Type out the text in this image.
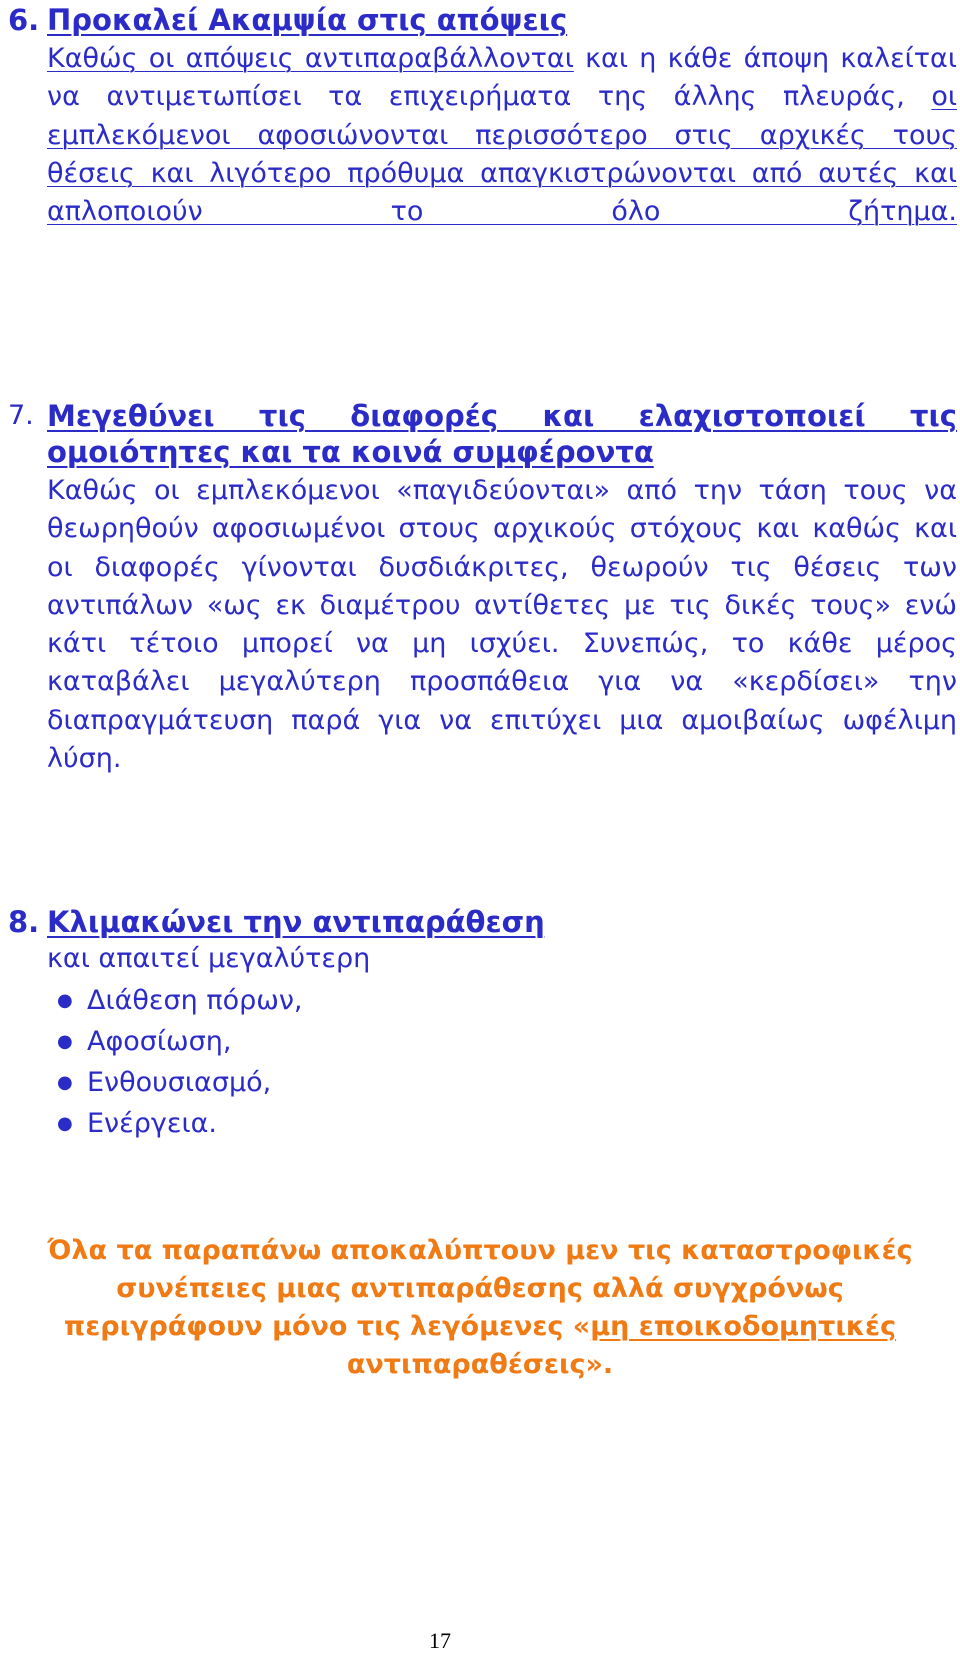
6. Προκαλεί Ακαμψία στις απόψεις
Καθώς οι απόψεις αντιπαραβάλλονται και η κάθε άποψη καλείται να αντιμετωπίσει τα επιχειρήματα της άλλης πλευράς, οι εμπλεκόμενοι αφοσιώνονται περισσότερο στις αρχικές τους θέσεις και λιγότερο πρόθυμα απαγκιστρώνονται από αυτές και απλοποιούν το όλο ζήτημα.
7. Μεγεθύνει τις διαφορές και ελαχιστοποιεί τις ομοιότητες και τα κοινά συμφέροντα
Καθώς οι εμπλεκόμενοι «παγιδεύονται» από την τάση τους να θεωρηθούν αφοσιωμένοι στους αρχικούς στόχους και καθώς και οι διαφορές γίνονται δυσδιάκριτες, θεωρούν τις θέσεις των αντιπάλων «ως εκ διαμέτρου αντίθετες με τις δικές τους» ενώ κάτι τέτοιο μπορεί να μη ισχύει. Συνεπώς, το κάθε μέρος καταβάλει μεγαλύτερη προσπάθεια για να «κερδίσει» την διαπραγμάτευση παρά για να επιτύχει μια αμοιβαίως ωφέλιμη λύση.
8. Κλιμακώνει την αντιπαράθεση
και απαιτεί μεγαλύτερη
● Διάθεση πόρων,
● Αφοσίωση,
● Ενθουσιασμό,
● Ενέργεια.
Όλα τα παραπάνω αποκαλύπτουν μεν τις καταστροφικές συνέπειες μιας αντιπαράθεσης αλλά συγχρόνως περιγράφουν μόνο τις λεγόμενες «μη εποικοδομητικές αντιπαραθέσεις».
17
